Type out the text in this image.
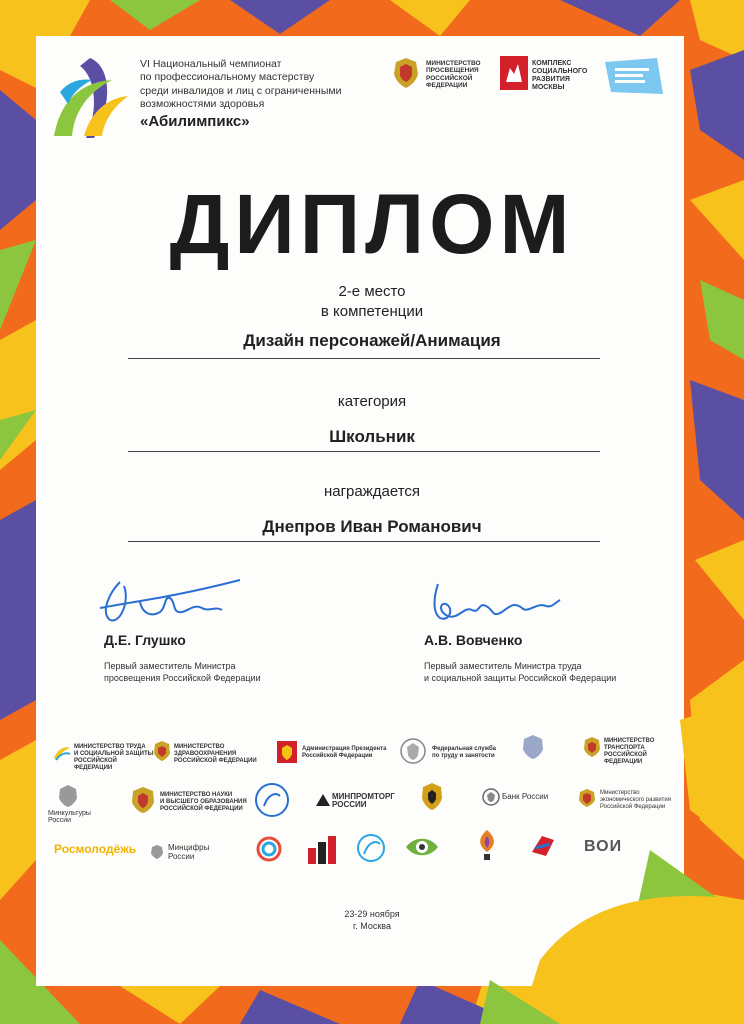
VI Национальный чемпионат
по профессиональному мастерству
среди инвалидов и лиц с ограниченными
возможностями здоровья
«Абилимпикс»
МИНИСТЕРСТВО
ПРОСВЕЩЕНИЯ
РОССИЙСКОЙ
ФЕДЕРАЦИИ
КОМПЛЕКС
СОЦИАЛЬНОГО
РАЗВИТИЯ
МОСКВЫ
ДИПЛОМ
2-е место
в компетенции
Дизайн персонажей/Анимация
категория
Школьник
награждается
Днепров Иван Романович
Д.Е. Глушко
Первый заместитель Министра
просвещения Российской Федерации
А.В. Вовченко
Первый заместитель Министра труда
и социальной защиты Российской Федерации
МИНИСТЕРСТВО ТРУДА
И СОЦИАЛЬНОЙ ЗАЩИТЫ
РОССИЙСКОЙ ФЕДЕРАЦИИ
МИНИСТЕРСТВО
ЗДРАВООХРАНЕНИЯ
РОССИЙСКОЙ ФЕДЕРАЦИИ
Администрация Президента
Российской Федерации
Федеральная служба
по труду и занятости
МИНИСТЕРСТВО ТРАНСПОРТА
РОССИЙСКОЙ ФЕДЕРАЦИИ
Минкультуры
России
МИНИСТЕРСТВО НАУКИ
И ВЫСШЕГО ОБРАЗОВАНИЯ
РОССИЙСКОЙ ФЕДЕРАЦИИ
МИНПРОМТОРГ
РОССИИ
Банк России	Министерство
экономического развития
Российской Федерации
Росмолодёжь	Минцифры
России
ВОИ
23-29 ноября
г. Москва
